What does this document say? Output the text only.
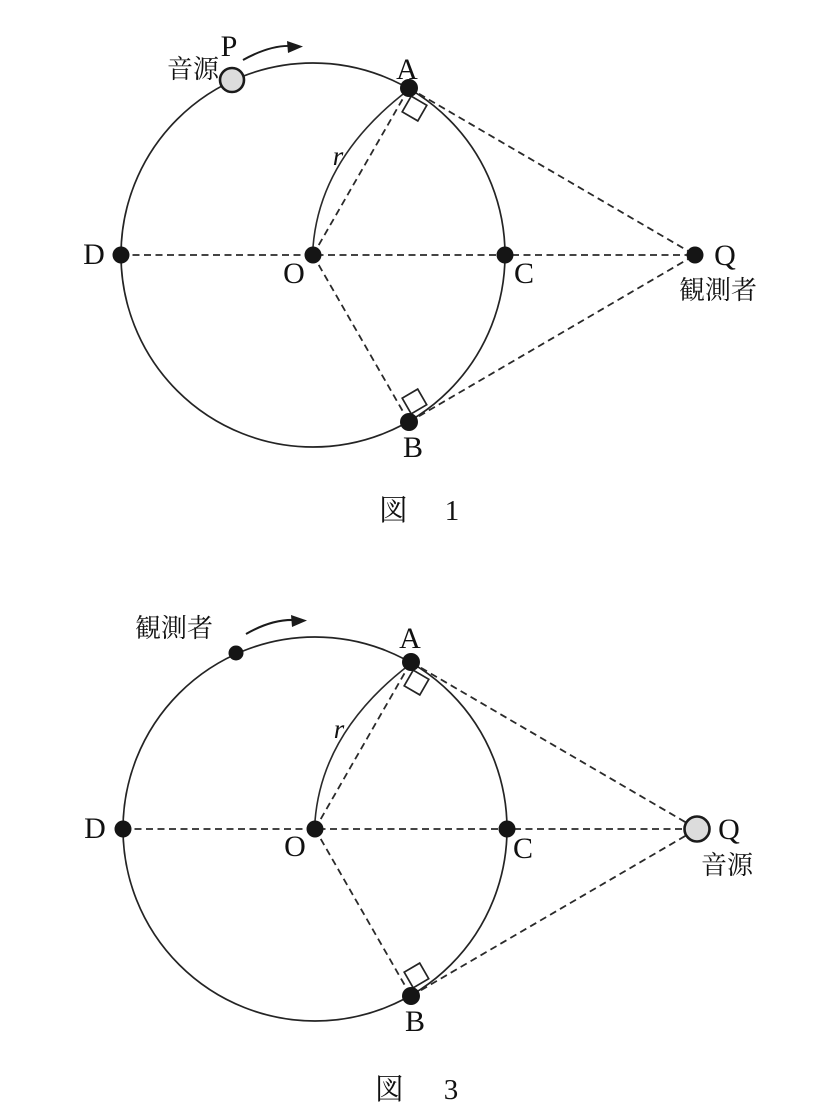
音源
P
A
r
D
O	C
Q
観測者
B
図 1
観測者	A
r
D
O	C
Q
音源
B
図 3
